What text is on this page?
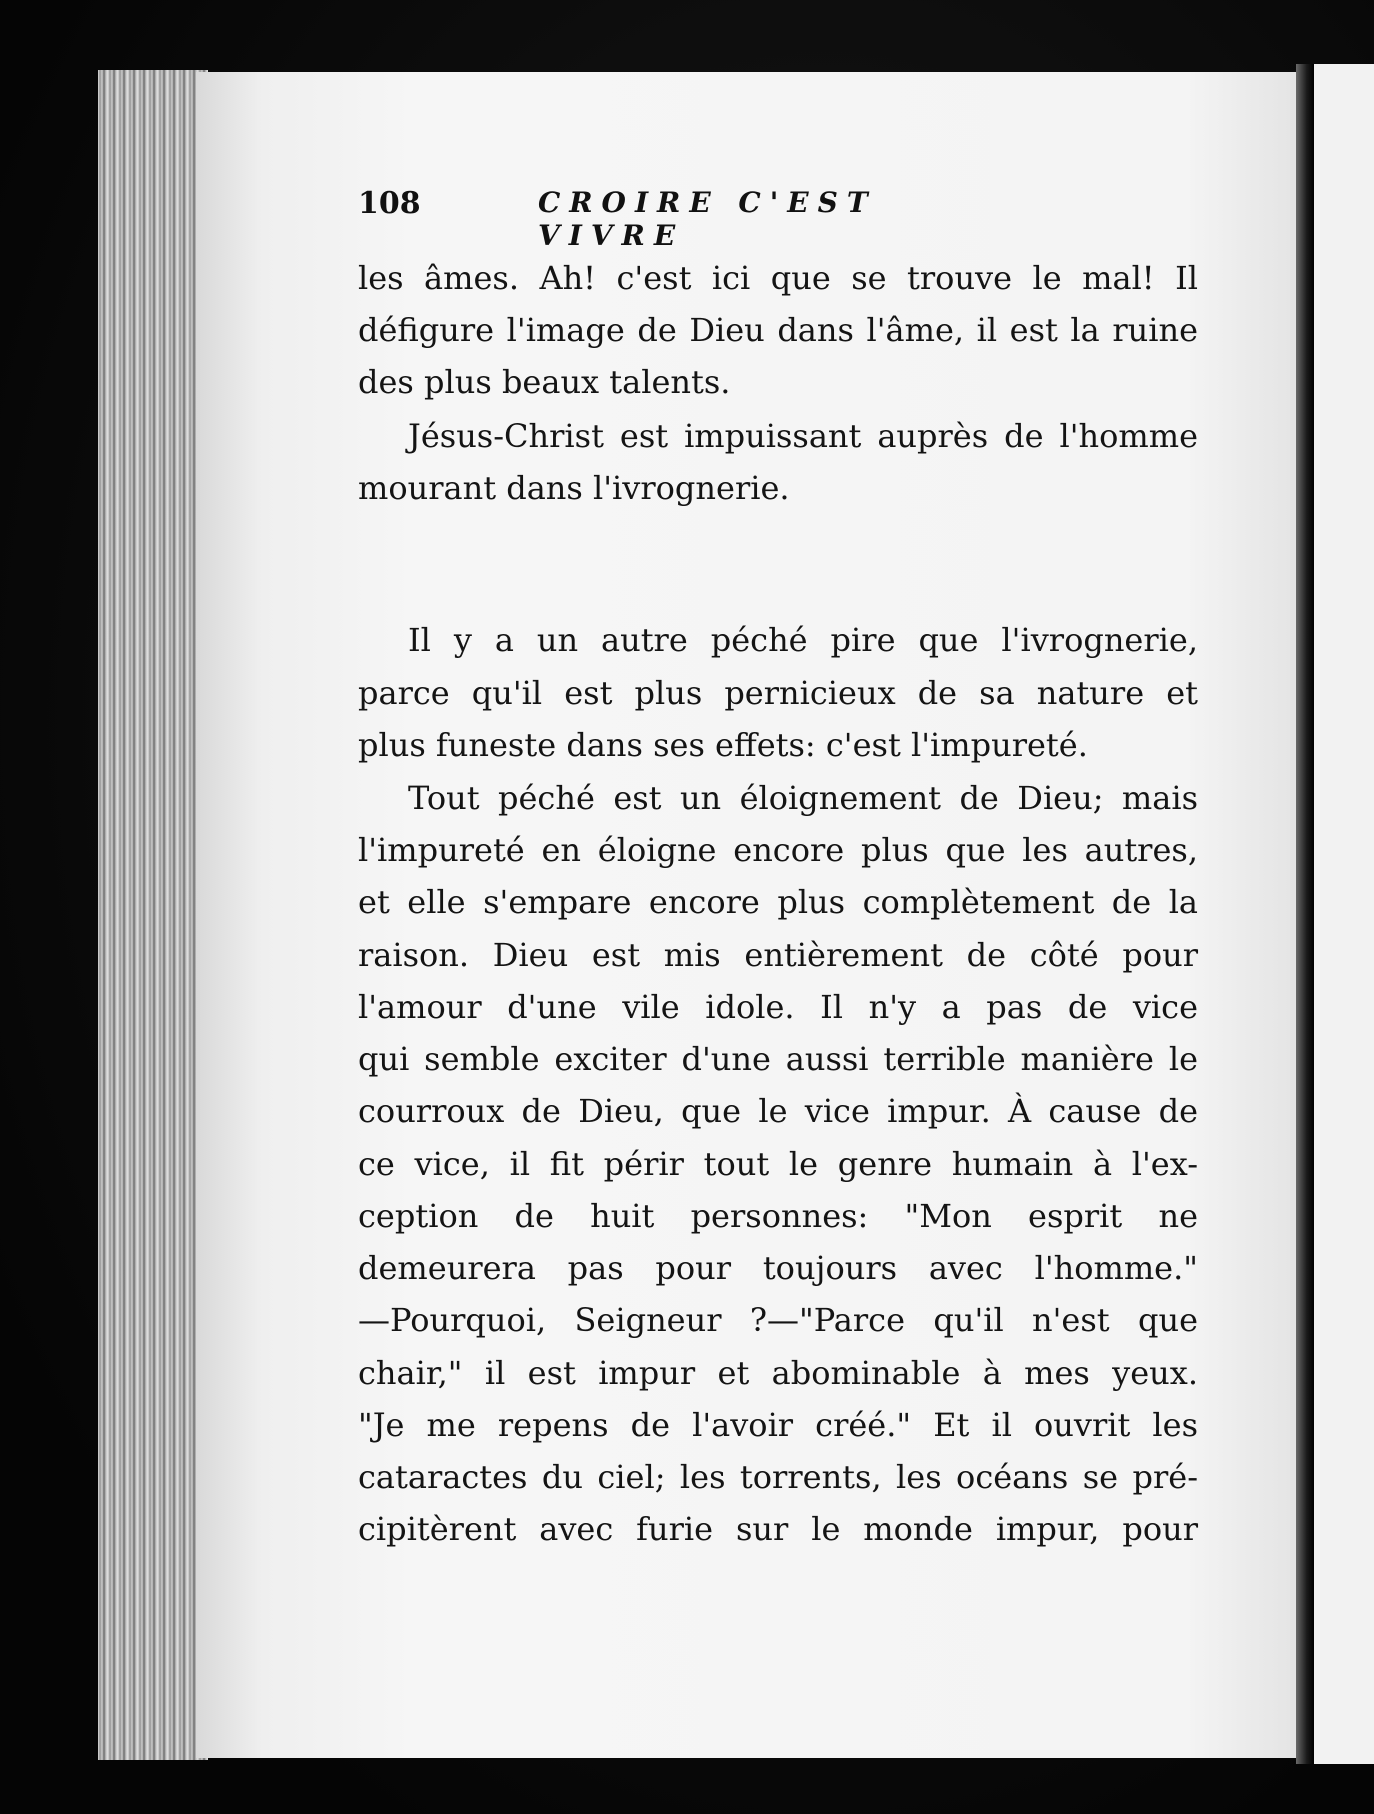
108	CROIRE C'EST VIVRE

les âmes. Ah! c'est ici que se trouve le mal! Il

défigure l'image de Dieu dans l'âme, il est la ruine

des plus beaux talents.

Jésus-Christ est impuissant auprès de l'homme

mourant dans l'ivrognerie.

Il y a un autre péché pire que l'ivrognerie,

parce qu'il est plus pernicieux de sa nature et

plus funeste dans ses effets: c'est l'impureté.

Tout péché est un éloignement de Dieu; mais

l'impureté en éloigne encore plus que les autres,

et elle s'empare encore plus complètement de la

raison. Dieu est mis entièrement de côté pour

l'amour d'une vile idole. Il n'y a pas de vice

qui semble exciter d'une aussi terrible manière le

courroux de Dieu, que le vice impur. À cause de

ce vice, il fit périr tout le genre humain à l'ex-

ception de huit personnes: "Mon esprit ne

demeurera pas pour toujours avec l'homme."

—Pourquoi, Seigneur ?—"Parce qu'il n'est que

chair," il est impur et abominable à mes yeux.

"Je me repens de l'avoir créé." Et il ouvrit les

cataractes du ciel; les torrents, les océans se pré-

cipitèrent avec furie sur le monde impur, pour
